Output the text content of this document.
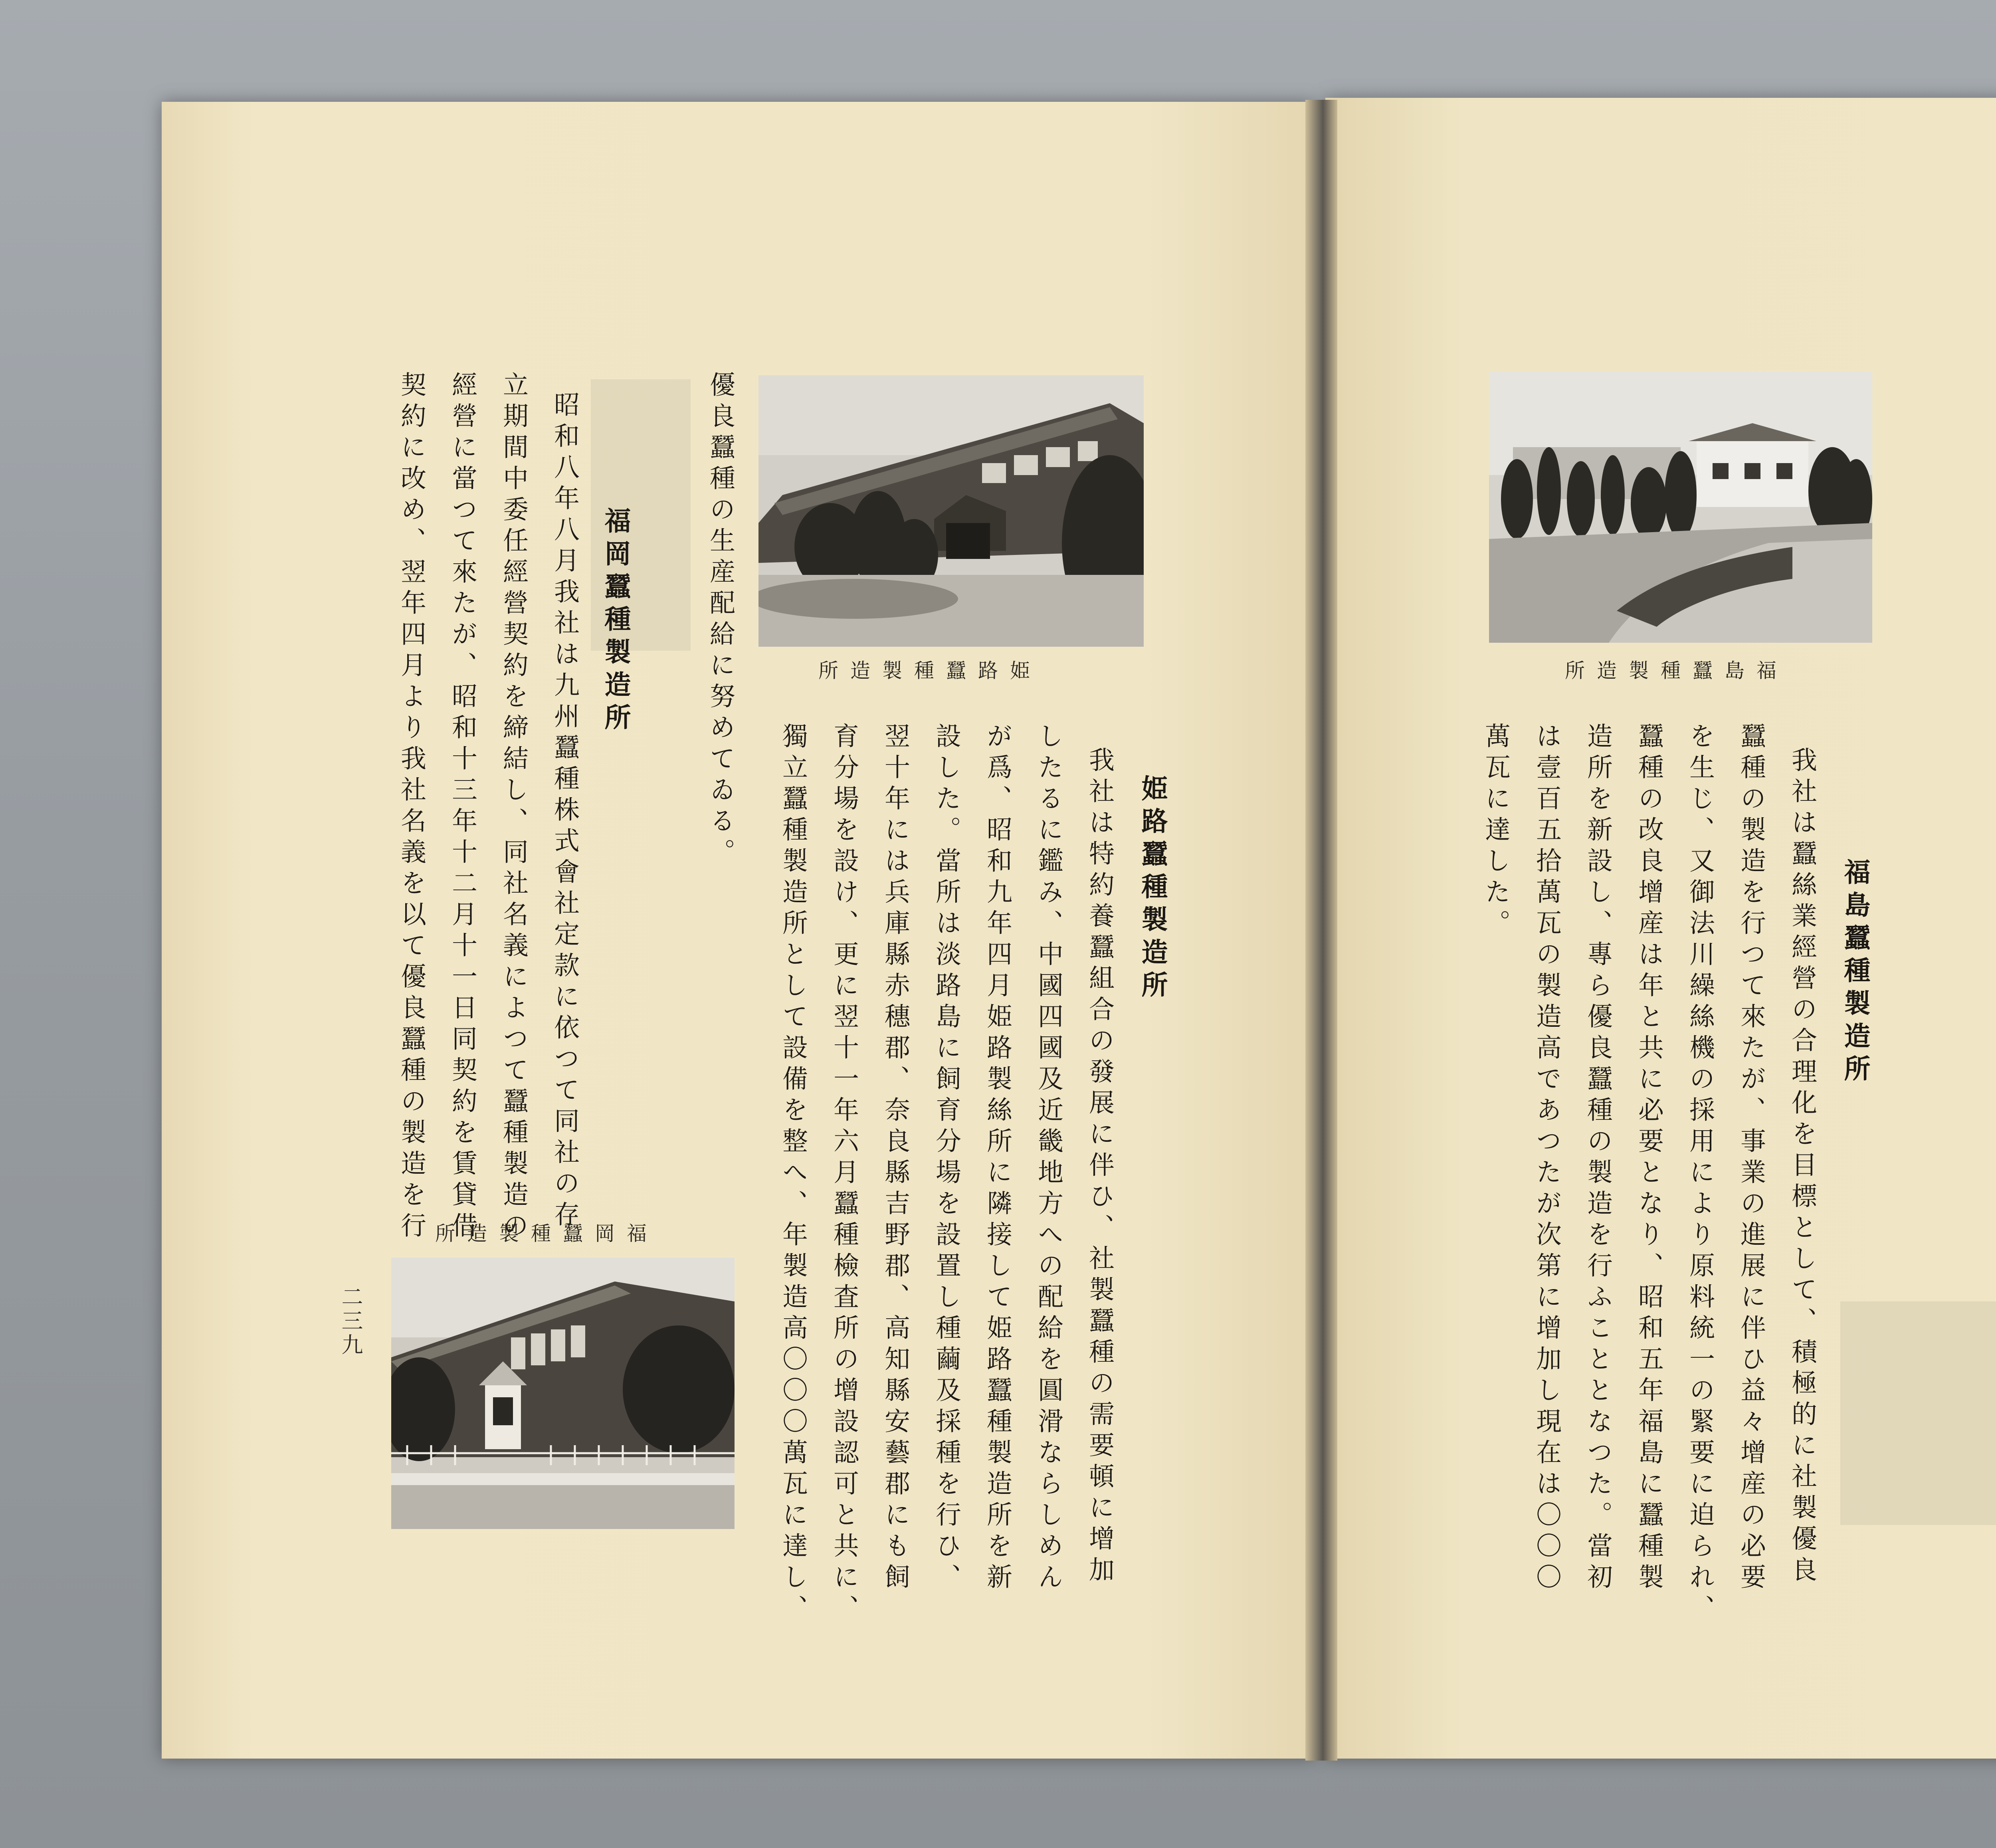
福島蠶種製造所
福島蠶種製造所

我社は蠶絲業經營の合理化を目標として、積極的に社製優良

蠶種の製造を行つて來たが、事業の進展に伴ひ益々增産の必要

を生じ、又御法川繰絲機の採用により原料統一の緊要に迫られ、

蠶種の改良增産は年と共に必要となり、昭和五年福島に蠶種製

造所を新設し、專ら優良蠶種の製造を行ふこととなつた。當初

は壹百五拾萬瓦の製造高であつたが次第に增加し現在は〇〇〇

萬瓦に達した。

二三九
姫路蠶種製造所
姫路蠶種製造所

我社は特約養蠶組合の發展に伴ひ、社製蠶種の需要頓に增加

したるに鑑み、中國四國及近畿地方への配給を圓滑ならしめん

が爲、昭和九年四月姫路製絲所に隣接して姫路蠶種製造所を新

設した。當所は淡路島に飼育分場を設置し種繭及採種を行ひ、

翌十年には兵庫縣赤穗郡、奈良縣吉野郡、高知縣安藝郡にも飼

育分場を設け、更に翌十一年六月蠶種檢査所の增設認可と共に、

獨立蠶種製造所として設備を整へ、年製造高〇〇〇萬瓦に達し、

優良蠶種の生産配給に努めてゐる。

福岡蠶種製造所

昭和八年八月我社は九州蠶種株式會社定款に依つて同社の存

立期間中委任經營契約を締結し、同社名義によつて蠶種製造の

經營に當つて來たが、昭和十三年十二月十一日同契約を賃貸借

契約に改め、翌年四月より我社名義を以て優良蠶種の製造を行 福岡蠶種製造所
